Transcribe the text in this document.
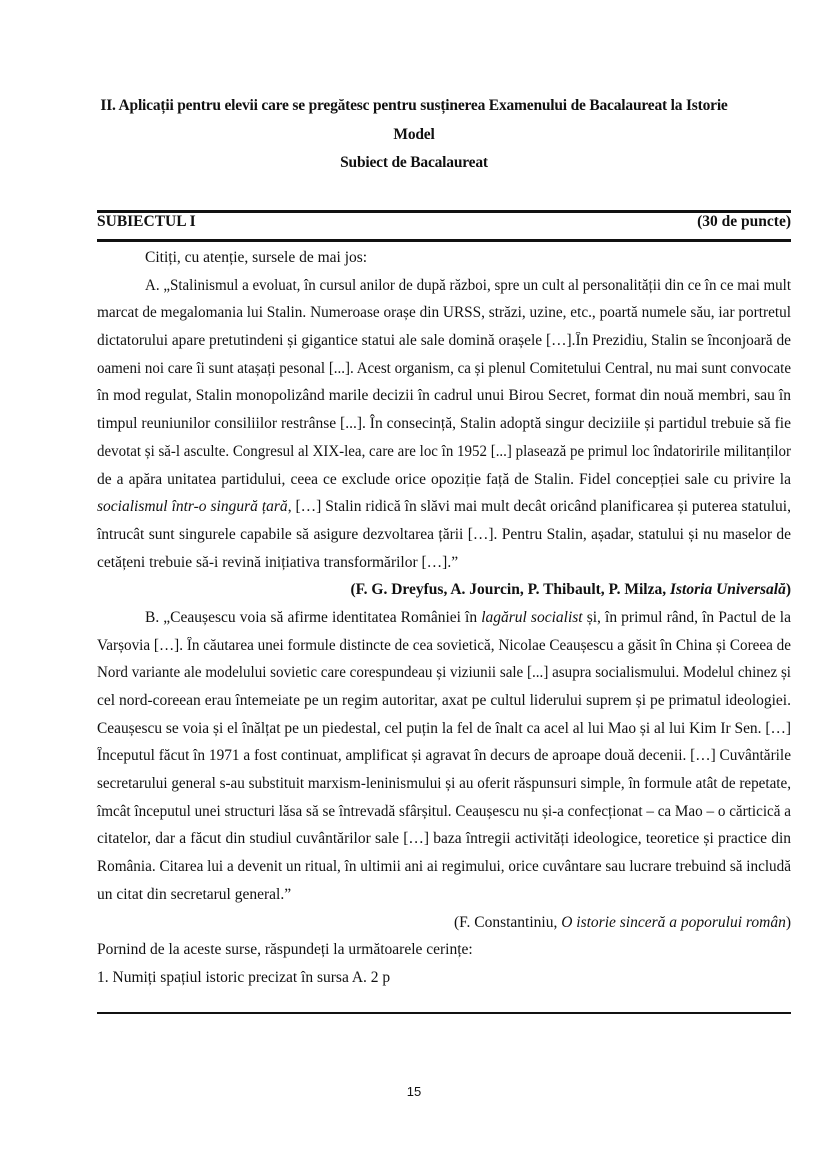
II. Aplicații pentru elevii care se pregătesc pentru susținerea Examenului de Bacalaureat la Istorie
Model
Subiect de Bacalaureat
SUBIECTUL I	(30 de puncte)
Citiți, cu atenție, sursele de mai jos:
A. „Stalinismul a evoluat, în cursul anilor de după război, spre un cult al personalității din ce în ce mai mult
marcat de megalomania lui Stalin. Numeroase orașe din URSS, străzi, uzine, etc., poartă numele său, iar portretul
dictatorului apare pretutindeni și gigantice statui ale sale domină orașele […].În Prezidiu, Stalin se înconjoară de
oameni noi care îi sunt atașați pesonal [...]. Acest organism, ca și plenul Comitetului Central, nu mai sunt convocate
în mod regulat, Stalin monopolizând marile decizii în cadrul unui Birou Secret, format din nouă membri, sau în
timpul reuniunilor consiliilor restrânse [...]. În consecință, Stalin adoptă singur deciziile și partidul trebuie să fie
devotat și să-l asculte. Congresul al XIX-lea, care are loc în 1952 [...] plasează pe primul loc îndatoririle militanților
de a apăra unitatea partidului, ceea ce exclude orice opoziție față de Stalin. Fidel concepției sale cu privire la
socialismul într-o singură țară, […] Stalin ridică în slăvi mai mult decât oricând planificarea și puterea statului,
întrucât sunt singurele capabile să asigure dezvoltarea țării […]. Pentru Stalin, așadar, statului și nu maselor de
cetățeni trebuie să-i revină inițiativa transformărilor […].”
(F. G. Dreyfus, A. Jourcin, P. Thibault, P. Milza, Istoria Universală)
B. „Ceaușescu voia să afirme identitatea României în lagărul socialist și, în primul rând, în Pactul de la
Varșovia […]. În căutarea unei formule distincte de cea sovietică, Nicolae Ceaușescu a găsit în China și Coreea de
Nord variante ale modelului sovietic care corespundeau și viziunii sale [...] asupra socialismului. Modelul chinez și
cel nord-coreean erau întemeiate pe un regim autoritar, axat pe cultul liderului suprem și pe primatul ideologiei.
Ceaușescu se voia și el înălțat pe un piedestal, cel puțin la fel de înalt ca acel al lui Mao și al lui Kim Ir Sen. […]
Începutul făcut în 1971 a fost continuat, amplificat și agravat în decurs de aproape două decenii. […] Cuvântările
secretarului general s-au substituit marxism-leninismului și au oferit răspunsuri simple, în formule atât de repetate,
îmcât începutul unei structuri lăsa să se întrevadă sfârșitul. Ceaușescu nu și-a confecționat – ca Mao – o cărticică a
citatelor, dar a făcut din studiul cuvântărilor sale […] baza întregii activități ideologice, teoretice și practice din
România. Citarea lui a devenit un ritual, în ultimii ani ai regimului, orice cuvântare sau lucrare trebuind să includă
un citat din secretarul general.”
(F. Constantiniu, O istorie sinceră a poporului român)
Pornind de la aceste surse, răspundeți la următoarele cerințe:
1. Numiți spațiul istoric precizat în sursa A. 2 p
15
